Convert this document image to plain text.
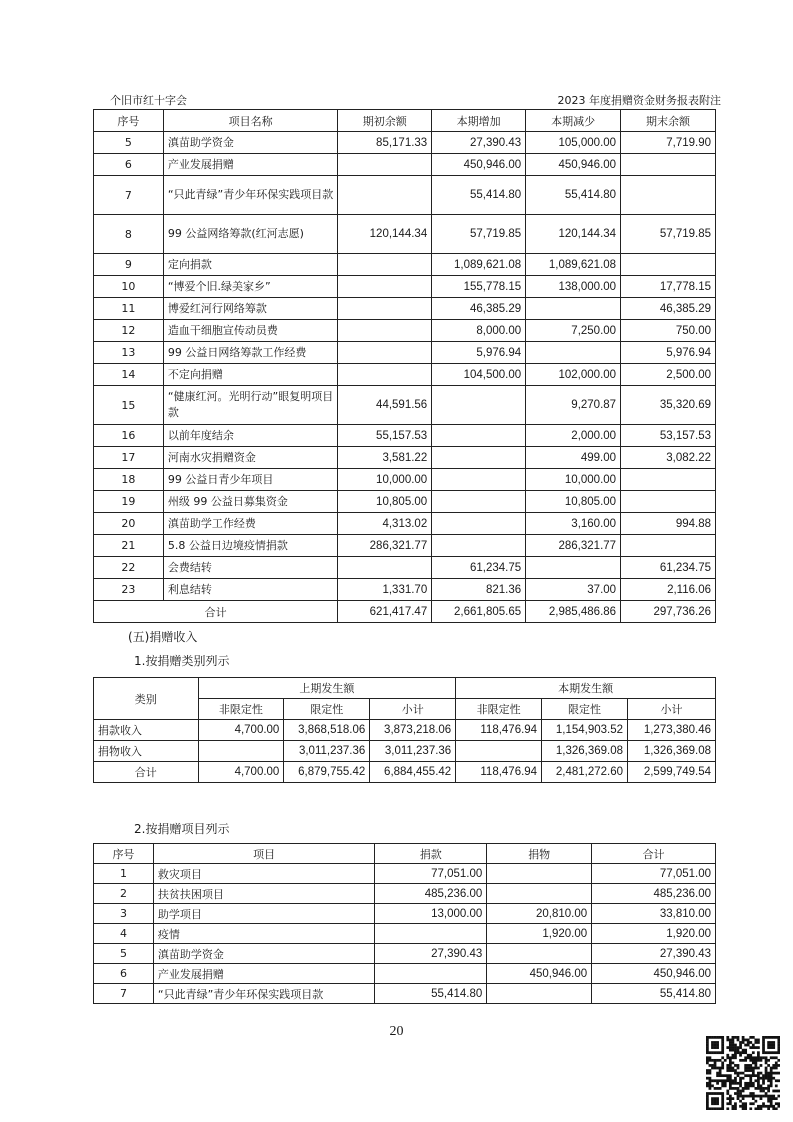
个旧市红十字会	2023 年度捐赠资金财务报表附注
序号	项目名称	期初余额	本期增加	本期减少	期末余额
5	滇苗助学资金	85,171.33	27,390.43	105,000.00	7,719.90
6	产业发展捐赠		450,946.00	450,946.00	
7	“只此青绿”青少年环保实践项目款		55,414.80	55,414.80	
8	99 公益网络筹款(红河志愿)	120,144.34	57,719.85	120,144.34	57,719.85
9	定向捐款		1,089,621.08	1,089,621.08	
10	“博爱个旧.绿美家乡”		155,778.15	138,000.00	17,778.15
11	博爱红河行网络筹款		46,385.29		46,385.29
12	造血干细胞宣传动员费		8,000.00	7,250.00	750.00
13	99 公益日网络筹款工作经费		5,976.94		5,976.94
14	不定向捐赠		104,500.00	102,000.00	2,500.00
15	“健康红河。光明行动”眼复明项目款	44,591.56		9,270.87	35,320.69
16	以前年度结余	55,157.53		2,000.00	53,157.53
17	河南水灾捐赠资金	3,581.22		499.00	3,082.22
18	99 公益日青少年项目	10,000.00		10,000.00	
19	州级 99 公益日募集资金	10,805.00		10,805.00	
20	滇苗助学工作经费	4,313.02		3,160.00	994.88
21	5.8 公益日边境疫情捐款	286,321.77		286,321.77	
22	会费结转		61,234.75		61,234.75
23	利息结转	1,331.70	821.36	37.00	2,116.06
合计		621,417.47	2,661,805.65	2,985,486.86	297,736.26
(五)捐赠收入
1.按捐赠类别列示
类别	上期发生额			本期发生额		
	非限定性	限定性	小计	非限定性	限定性	小计
捐款收入	4,700.00	3,868,518.06	3,873,218.06	118,476.94	1,154,903.52	1,273,380.46
捐物收入		3,011,237.36	3,011,237.36		1,326,369.08	1,326,369.08
合计	4,700.00	6,879,755.42	6,884,455.42	118,476.94	2,481,272.60	2,599,749.54
2.按捐赠项目列示
序号	项目	捐款	捐物	合计
1	救灾项目	77,051.00		77,051.00
2	扶贫扶困项目	485,236.00		485,236.00
3	助学项目	13,000.00	20,810.00	33,810.00
4	疫情		1,920.00	1,920.00
5	滇苗助学资金	27,390.43		27,390.43
6	产业发展捐赠		450,946.00	450,946.00
7	“只此青绿”青少年环保实践项目款	55,414.80		55,414.80
20
